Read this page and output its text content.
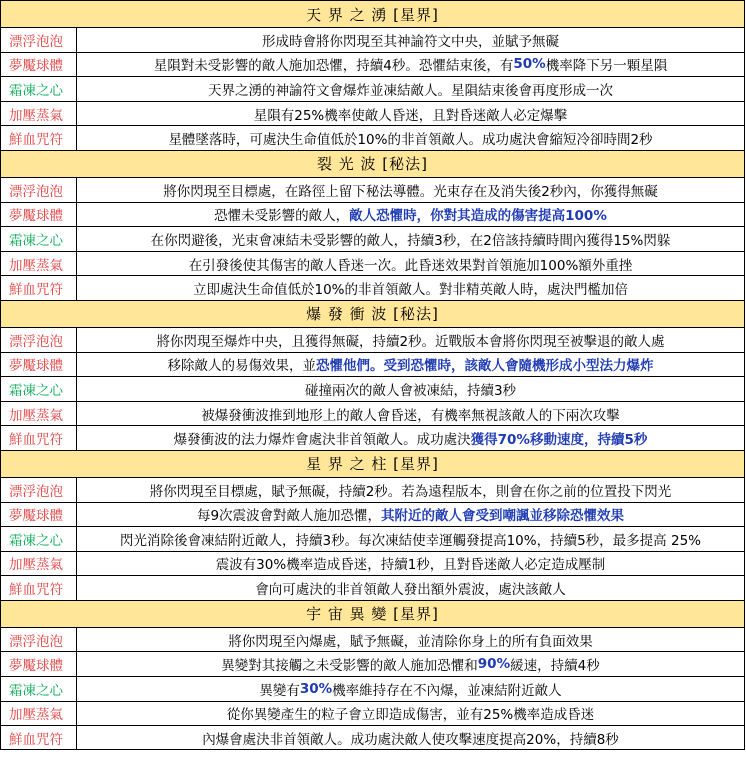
天 界 之 湧 [星界]
漂浮泡泡	形成時會將你閃現至其神諭符文中央，並賦予無礙
夢魘球體	星隕對未受影響的敵人施加恐懼，持續4秒。恐懼結束後，有 50% 機率降下另一顆星隕
霜凍之心	天界之湧的神諭符文會爆炸並凍結敵人。星隕結束後會再度形成一次
加壓蒸氣	星隕有25%機率使敵人昏迷，且對昏迷敵人必定爆擊
鮮血咒符	星體墜落時，可處決生命值低於10%的非首領敵人。成功處決會縮短冷卻時間2秒
裂 光 波 [秘法]
漂浮泡泡	將你閃現至目標處，在路徑上留下秘法導體。光束存在及消失後2秒內，你獲得無礙
夢魘球體	恐懼未受影響的敵人， 敵人恐懼時，你對其造成的傷害提高100%
霜凍之心	在你閃避後，光束會凍結未受影響的敵人，持續3秒，在2倍該持續時間內獲得15%閃躲
加壓蒸氣	在引發後使其傷害的敵人昏迷一次。此昏迷效果對首領施加100%額外重挫
鮮血咒符	立即處決生命值低於10%的非首領敵人。對非精英敵人時，處決門檻加倍
爆 發 衝 波 [秘法]
漂浮泡泡	將你閃現至爆炸中央，且獲得無礙，持續2秒。近戰版本會將你閃現至被擊退的敵人處
夢魘球體	移除敵人的易傷效果，並 恐懼他們。受到恐懼時，該敵人會隨機形成小型法力爆炸
霜凍之心	碰撞兩次的敵人會被凍結，持續3秒
加壓蒸氣	被爆發衝波推到地形上的敵人會昏迷，有機率無視該敵人的下兩次攻擊
鮮血咒符	爆發衝波的法力爆炸會處決非首領敵人。成功處決 獲得70%移動速度，持續5秒
星 界 之 柱 [星界]
漂浮泡泡	將你閃現至目標處，賦予無礙，持續2秒。若為遠程版本，則會在你之前的位置投下閃光
夢魘球體	每9次震波會對敵人施加恐懼， 其附近的敵人會受到嘲諷並移除恐懼效果
霜凍之心	閃光消除後會凍結附近敵人，持續3秒。每次凍結使幸運觸發提高10%，持續5秒，最多提高 25%
加壓蒸氣	震波有30%機率造成昏迷，持續1秒，且對昏迷敵人必定造成壓制
鮮血咒符	會向可處決的非首領敵人發出額外震波，處決該敵人
宇 宙 異 變 [星界]
漂浮泡泡	將你閃現至內爆處，賦予無礙，並清除你身上的所有負面效果
夢魘球體	異變對其接觸之未受影響的敵人施加恐懼和 90% 緩速，持續4秒
霜凍之心	異變有 30% 機率維持存在不內爆，並凍結附近敵人
加壓蒸氣	從你異變產生的粒子會立即造成傷害，並有25%機率造成昏迷
鮮血咒符	內爆會處決非首領敵人。成功處決敵人使攻擊速度提高20%，持續8秒
